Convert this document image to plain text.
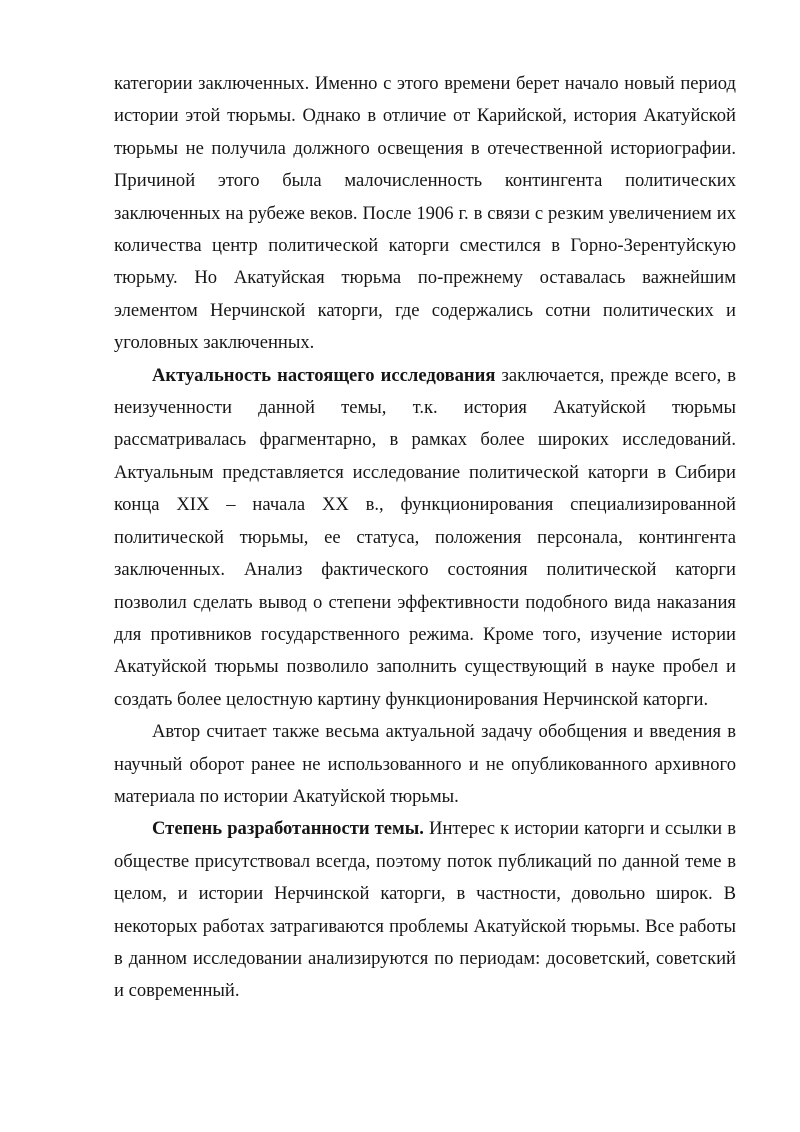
категории заключенных. Именно с этого времени берет начало новый период истории этой тюрьмы. Однако в отличие от Карийской, история Акатуйской тюрьмы не получила должного освещения в отечественной историографии. Причиной этого была малочисленность контингента политических заключенных на рубеже веков. После 1906 г. в связи с резким увеличением их количества центр политической каторги сместился в Горно-Зерентуйскую тюрьму. Но Акатуйская тюрьма по-прежнему оставалась важнейшим элементом Нерчинской каторги, где содержались сотни политических и уголовных заключенных.

Актуальность настоящего исследования заключается, прежде всего, в неизученности данной темы, т.к. история Акатуйской тюрьмы рассматривалась фрагментарно, в рамках более широких исследований. Актуальным представляется исследование политической каторги в Сибири конца XIX – начала XX в., функционирования специализированной политической тюрьмы, ее статуса, положения персонала, контингента заключенных. Анализ фактического состояния политической каторги позволил сделать вывод о степени эффективности подобного вида наказания для противников государственного режима. Кроме того, изучение истории Акатуйской тюрьмы позволило заполнить существующий в науке пробел и создать более целостную картину функционирования Нерчинской каторги.

Автор считает также весьма актуальной задачу обобщения и введения в научный оборот ранее не использованного и не опубликованного архивного материала по истории Акатуйской тюрьмы.

Степень разработанности темы. Интерес к истории каторги и ссылки в обществе присутствовал всегда, поэтому поток публикаций по данной теме в целом, и истории Нерчинской каторги, в частности, довольно широк. В некоторых работах затрагиваются проблемы Акатуйской тюрьмы. Все работы в данном исследовании анализируются по периодам: досоветский, советский и современный.
